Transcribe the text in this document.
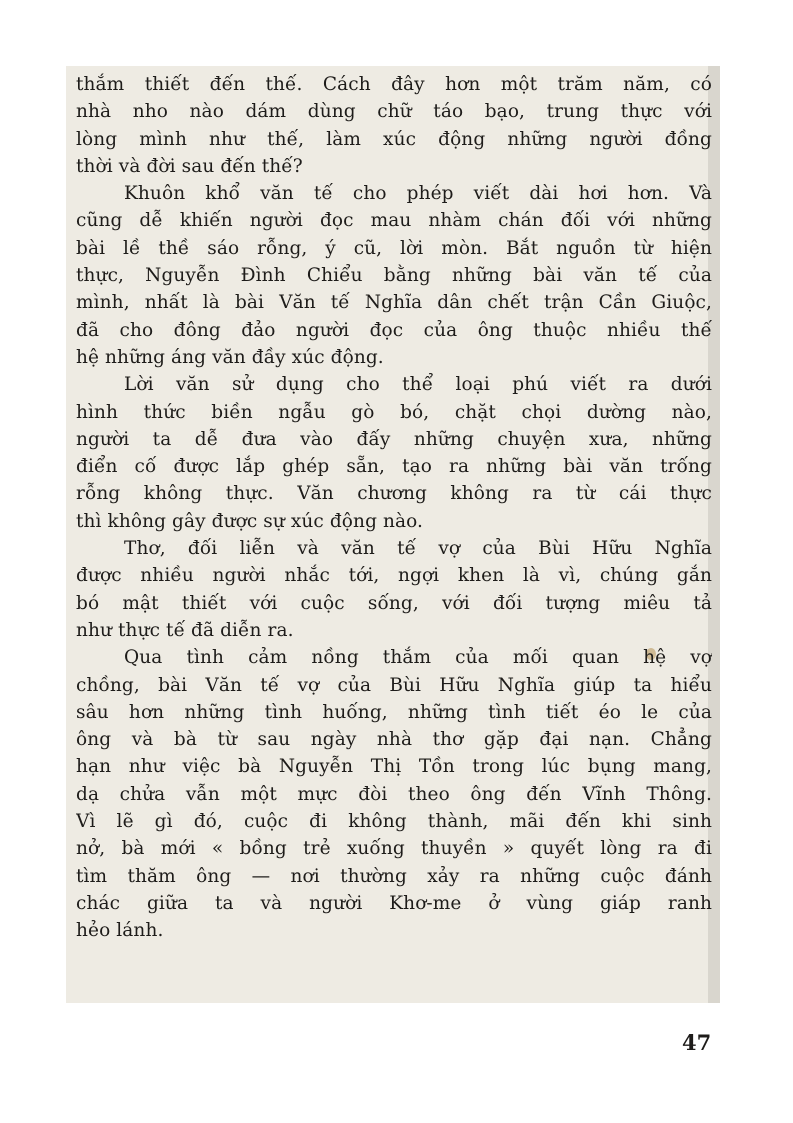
thắm thiết đến thế. Cách đây hơn một trăm năm, có
nhà nho nào dám dùng chữ táo bạo, trung thực với
lòng mình như thế, làm xúc động những người đồng
thời và đời sau đến thế?
Khuôn khổ văn tế cho phép viết dài hơi hơn. Và
cũng dễ khiến người đọc mau nhàm chán đối với những
bài lề thề sáo rỗng, ý cũ, lời mòn. Bắt nguồn từ hiện
thực, Nguyễn Đình Chiểu bằng những bài văn tế của
mình, nhất là bài Văn tế Nghĩa dân chết trận Cần Giuộc,
đã cho đông đảo người đọc của ông thuộc nhiều thế
hệ những áng văn đầy xúc động.
Lời văn sử dụng cho thể loại phú viết ra dưới
hình thức biền ngẫu gò bó, chặt chọi dường nào,
người ta dễ đưa vào đấy những chuyện xưa, những
điển cố được lắp ghép sẵn, tạo ra những bài văn trống
rỗng không thực. Văn chương không ra từ cái thực
thì không gây được sự xúc động nào.
Thơ, đối liễn và văn tế vợ của Bùi Hữu Nghĩa
được nhiều người nhắc tới, ngợi khen là vì, chúng gắn
bó mật thiết với cuộc sống, với đối tượng miêu tả
như thực tế đã diễn ra.
Qua tình cảm nồng thắm của mối quan hệ vợ
chồng, bài Văn tế vợ của Bùi Hữu Nghĩa giúp ta hiểu
sâu hơn những tình huống, những tình tiết éo le của
ông và bà từ sau ngày nhà thơ gặp đại nạn. Chẳng
hạn như việc bà Nguyễn Thị Tồn trong lúc bụng mang,
dạ chửa vẫn một mực đòi theo ông đến Vĩnh Thông.
Vì lẽ gì đó, cuộc đi không thành, mãi đến khi sinh
nở, bà mới « bồng trẻ xuống thuyền » quyết lòng ra đi
tìm thăm ông — nơi thường xảy ra những cuộc đánh
chác giữa ta và người Khơ-me ở vùng giáp ranh
hẻo lánh.
47
